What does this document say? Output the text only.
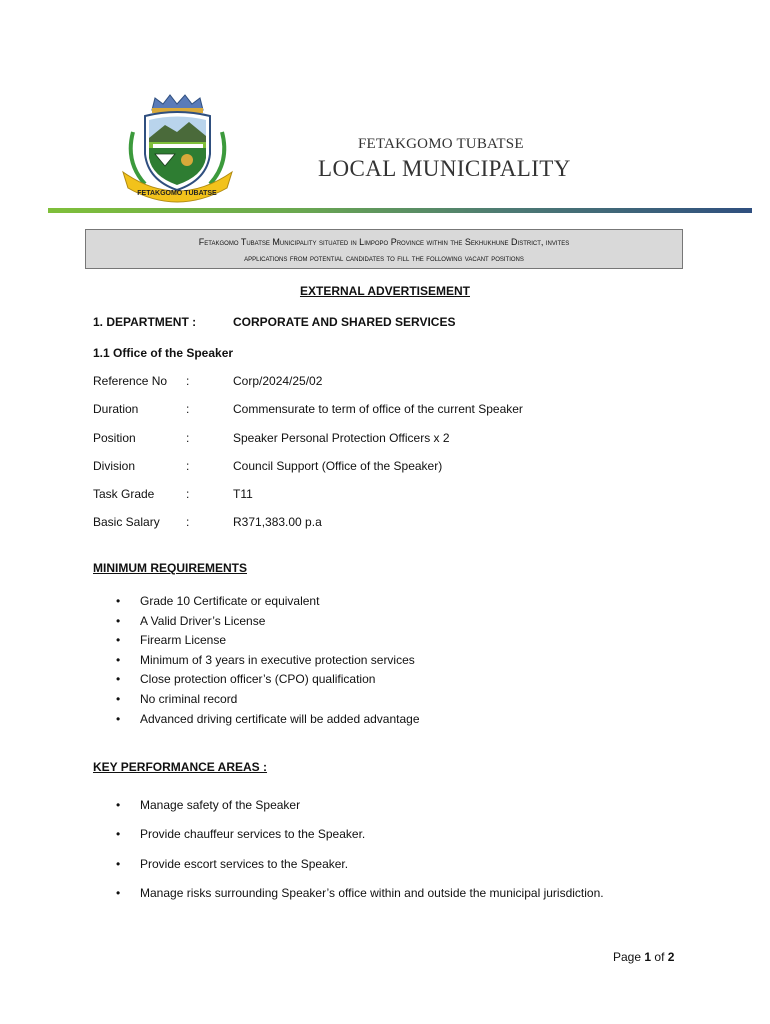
FETAKGOMO TUBATSE
FETAKGOMO TUBATSE
LOCAL MUNICIPALITY
Fetakgomo Tubatse Municipality situated in Limpopo Province within the Sekhukhune District, invites
applications from potential candidates to fill the following vacant positions
EXTERNAL ADVERTISEMENT
1. DEPARTMENT :	CORPORATE AND SHARED SERVICES
1.1 Office of the Speaker
Reference No :	Corp/2024/25/02
Duration	:	Commensurate to term of office of the current Speaker
Position	:	Speaker Personal Protection Officers x 2
Division	:	Council Support (Office of the Speaker)
Task Grade	:	T11
Basic Salary :	R371,383.00 p.a
MINIMUM REQUIREMENTS
• Grade 10 Certificate or equivalent
• A Valid Driver’s License
• Firearm License
• Minimum of 3 years in executive protection services
• Close protection officer’s (CPO) qualification
• No criminal record
• Advanced driving certificate will be added advantage
KEY PERFORMANCE AREAS :
• Manage safety of the Speaker
• Provide chauffeur services to the Speaker.
• Provide escort services to the Speaker.
• Manage risks surrounding Speaker’s office within and outside the municipal jurisdiction.
Page 1 of 2
